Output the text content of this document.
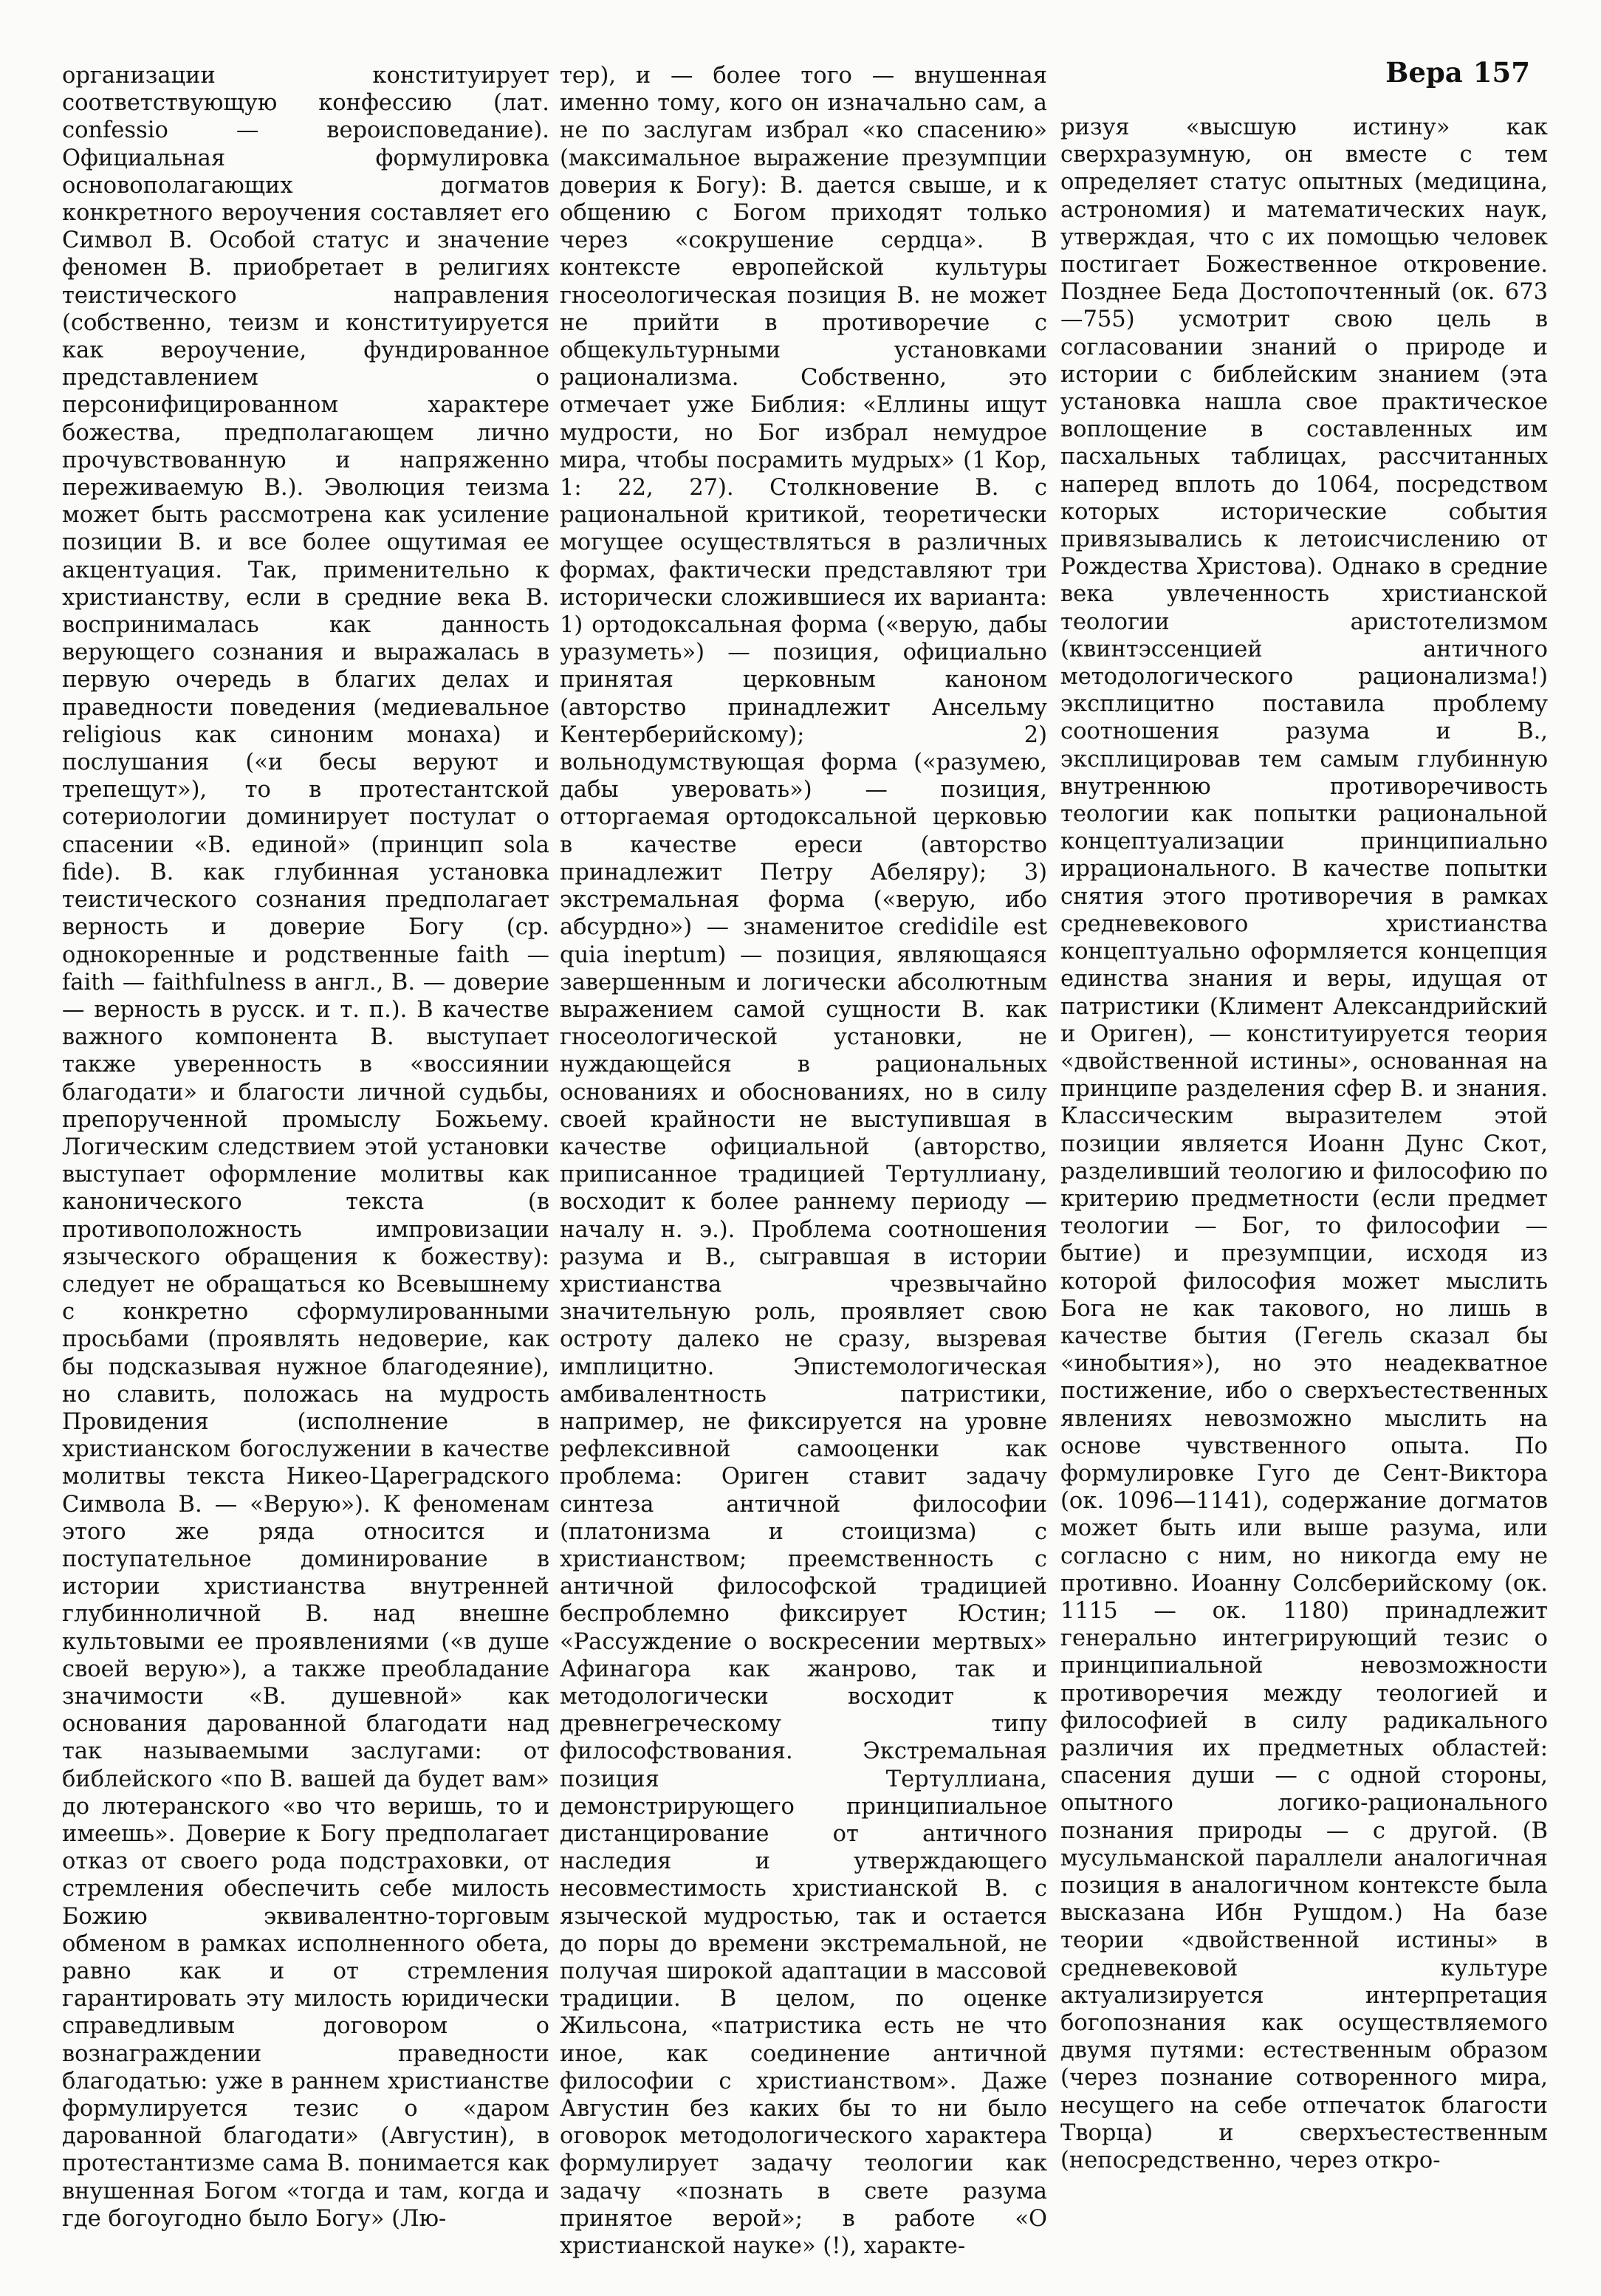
Вера 157

организации конституирует соответствующую конфессию (лат. confessio — вероисповедание). Официальная формулировка основополагающих догматов конкретного вероучения составляет его Символ В. Особой статус и значение феномен В. приобретает в религиях теистического направления (собственно, теизм и конституируется как вероучение, фундированное представлением о персонифицированном характере божества, предполагающем лично прочувствованную и напряженно переживаемую В.). Эволюция теизма может быть рассмотрена как усиление позиции В. и все более ощутимая ее акцентуация. Так, применительно к христианству, если в средние века В. воспринималась как данность верующего сознания и выражалась в первую очередь в благих делах и праведности поведения (медиевальное religious как синоним монаха) и послушания («и бесы веруют и трепещут»), то в протестантской сотериологии доминирует постулат о спасении «В. единой» (принцип sola fide). В. как глубинная установка теистического сознания предполагает верность и доверие Богу (ср. однокоренные и родственные faith — faith — faithfulness в англ., В. — доверие — верность в русск. и т. п.). В качестве важного компонента В. выступает также уверенность в «воссиянии благодати» и благости личной судьбы, препорученной промыслу Божьему. Логическим следствием этой установки выступает оформление молитвы как канонического текста (в противоположность импровизации языческого обращения к божеству): следует не обращаться ко Всевышнему с конкретно сформулированными просьбами (проявлять недоверие, как бы подсказывая нужное благодеяние), но славить, положась на мудрость Провидения (исполнение в христианском богослужении в качестве молитвы текста Никео-Цареградского Символа В. — «Верую»). К феноменам этого же ряда относится и поступательное доминирование в истории христианства внутренней глубинноличной В. над внешне культовыми ее проявлениями («в душе своей верую»), а также преобладание значимости «В. душевной» как основания дарованной благодати над так называемыми заслугами: от библейского «по В. вашей да будет вам» до лютеранского «во что веришь, то и имеешь». Доверие к Богу предполагает отказ от своего рода подстраховки, от стремления обеспечить себе милость Божию эквивалентно-торговым обменом в рамках исполненного обета, равно как и от стремления гарантировать эту милость юридически справедливым договором о вознаграждении праведности благодатью: уже в раннем христианстве формулируется тезис о «даром дарованной благодати» (Августин), в протестантизме сама В. понимается как внушенная Богом «тогда и там, когда и где богоугодно было Богу» (Лю-

тер), и — более того — внушенная именно тому, кого он изначально сам, а не по заслугам избрал «ко спасению» (максимальное выражение презумпции доверия к Богу): В. дается свыше, и к общению с Богом приходят только через «сокрушение сердца». В контексте европейской культуры гносеологическая позиция В. не может не прийти в противоречие с общекультурными установками рационализма. Собственно, это отмечает уже Библия: «Еллины ищут мудрости, но Бог избрал немудрое мира, чтобы посрамить мудрых» (1 Кор, 1: 22, 27). Столкновение В. с рациональной критикой, теоретически могущее осуществляться в различных формах, фактически представляют три исторически сложившиеся их варианта: 1) ортодоксальная форма («верую, дабы уразуметь») — позиция, официально принятая церковным каноном (авторство принадлежит Ансельму Кентерберийскому); 2) вольнодумствующая форма («разумею, дабы уверовать») — позиция, отторгаемая ортодоксальной церковью в качестве ереси (авторство принадлежит Петру Абеляру); 3) экстремальная форма («верую, ибо абсурдно») — знаменитое credidile est quia ineptum) — позиция, являющаяся завершенным и логически абсолютным выражением самой сущности В. как гносеологической установки, не нуждающейся в рациональных основаниях и обоснованиях, но в силу своей крайности не выступившая в качестве официальной (авторство, приписанное традицией Тертуллиану, восходит к более раннему периоду — началу н. э.). Проблема соотношения разума и В., сыгравшая в истории христианства чрезвычайно значительную роль, проявляет свою остроту далеко не сразу, вызревая имплицитно. Эпистемологическая амбивалентность патристики, например, не фиксируется на уровне рефлексивной самооценки как проблема: Ориген ставит задачу синтеза античной философии (платонизма и стоицизма) с христианством; преемственность с античной философской традицией беспроблемно фиксирует Юстин; «Рассуждение о воскресении мертвых» Афинагора как жанрово, так и методологически восходит к древнегреческому типу философствования. Экстремальная позиция Тертуллиана, демонстрирующего принципиальное дистанцирование от античного наследия и утверждающего несовместимость христианской В. с языческой мудростью, так и остается до поры до времени экстремальной, не получая широкой адаптации в массовой традиции. В целом, по оценке Жильсона, «патристика есть не что иное, как соединение античной философии с христианством». Даже Августин без каких бы то ни было оговорок методологического характера формулирует задачу теологии как задачу «познать в свете разума принятое верой»; в работе «О христианской науке» (!), характе-

ризуя «высшую истину» как сверхразумную, он вместе с тем определяет статус опытных (медицина, астрономия) и математических наук, утверждая, что с их помощью человек постигает Божественное откровение. Позднее Беда Достопочтенный (ок. 673—755) усмотрит свою цель в согласовании знаний о природе и истории с библейским знанием (эта установка нашла свое практическое воплощение в составленных им пасхальных таблицах, рассчитанных наперед вплоть до 1064, посредством которых исторические события привязывались к летоисчислению от Рождества Христова). Однако в средние века увлеченность христианской теологии аристотелизмом (квинтэссенцией античного методологического рационализма!) эксплицитно поставила проблему соотношения разума и В., эксплицировав тем самым глубинную внутреннюю противоречивость теологии как попытки рациональной концептуализации принципиально иррационального. В качестве попытки снятия этого противоречия в рамках средневекового христианства концептуально оформляется концепция единства знания и веры, идущая от патристики (Климент Александрийский и Ориген), — конституируется теория «двойственной истины», основанная на принципе разделения сфер В. и знания. Классическим выразителем этой позиции является Иоанн Дунс Скот, разделивший теологию и философию по критерию предметности (если предмет теологии — Бог, то философии — бытие) и презумпции, исходя из которой философия может мыслить Бога не как такового, но лишь в качестве бытия (Гегель сказал бы «инобытия»), но это неадекватное постижение, ибо о сверхъестественных явлениях невозможно мыслить на основе чувственного опыта. По формулировке Гуго де Сент-Виктора (ок. 1096—1141), содержание догматов может быть или выше разума, или согласно с ним, но никогда ему не противно. Иоанну Солсберийскому (ок. 1115 — ок. 1180) принадлежит генерально интегрирующий тезис о принципиальной невозможности противоречия между теологией и философией в силу радикального различия их предметных областей: спасения души — с одной стороны, опытного логико-рационального познания природы — с другой. (В мусульманской параллели аналогичная позиция в аналогичном контексте была высказана Ибн Рушдом.) На базе теории «двойственной истины» в средневековой культуре актуализируется интерпретация богопознания как осуществляемого двумя путями: естественным образом (через познание сотворенного мира, несущего на себе отпечаток благости Творца) и сверхъестественным (непосредственно, через откро-
